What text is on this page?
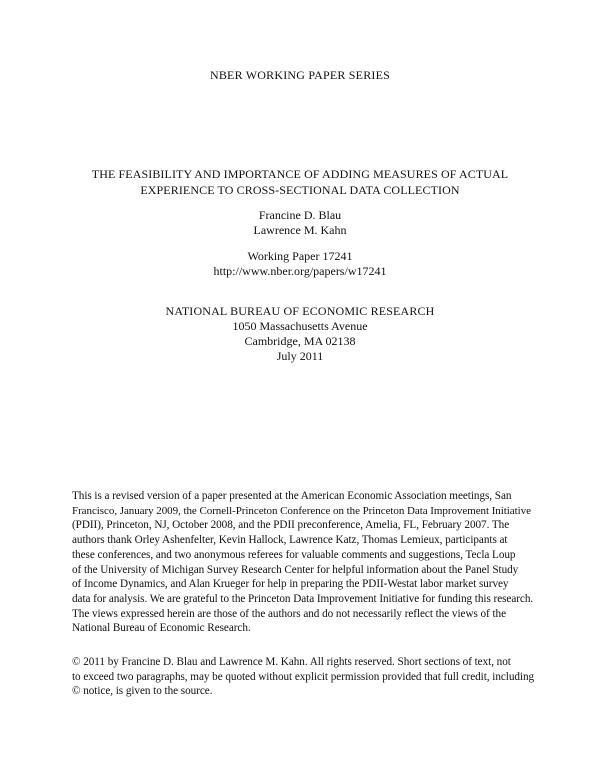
NBER WORKING PAPER SERIES
THE FEASIBILITY AND IMPORTANCE OF ADDING MEASURES OF ACTUAL
EXPERIENCE TO CROSS-SECTIONAL DATA COLLECTION
Francine D. Blau
Lawrence M. Kahn
Working Paper 17241
http://www.nber.org/papers/w17241
NATIONAL BUREAU OF ECONOMIC RESEARCH
1050 Massachusetts Avenue
Cambridge, MA 02138
July 2011
This is a revised version of a paper presented at the American Economic Association meetings, San
Francisco, January 2009, the Cornell-Princeton Conference on the Princeton Data Improvement Initiative
(PDII), Princeton, NJ, October 2008, and the PDII preconference, Amelia, FL, February 2007. The
authors thank Orley Ashenfelter, Kevin Hallock, Lawrence Katz, Thomas Lemieux, participants at
these conferences, and two anonymous referees for valuable comments and suggestions, Tecla Loup
of the University of Michigan Survey Research Center for helpful information about the Panel Study
of Income Dynamics, and Alan Krueger for help in preparing the PDII-Westat labor market survey
data for analysis. We are grateful to the Princeton Data Improvement Initiative for funding this research.
The views expressed herein are those of the authors and do not necessarily reflect the views of the
National Bureau of Economic Research.
© 2011 by Francine D. Blau and Lawrence M. Kahn. All rights reserved. Short sections of text, not
to exceed two paragraphs, may be quoted without explicit permission provided that full credit, including
© notice, is given to the source.
